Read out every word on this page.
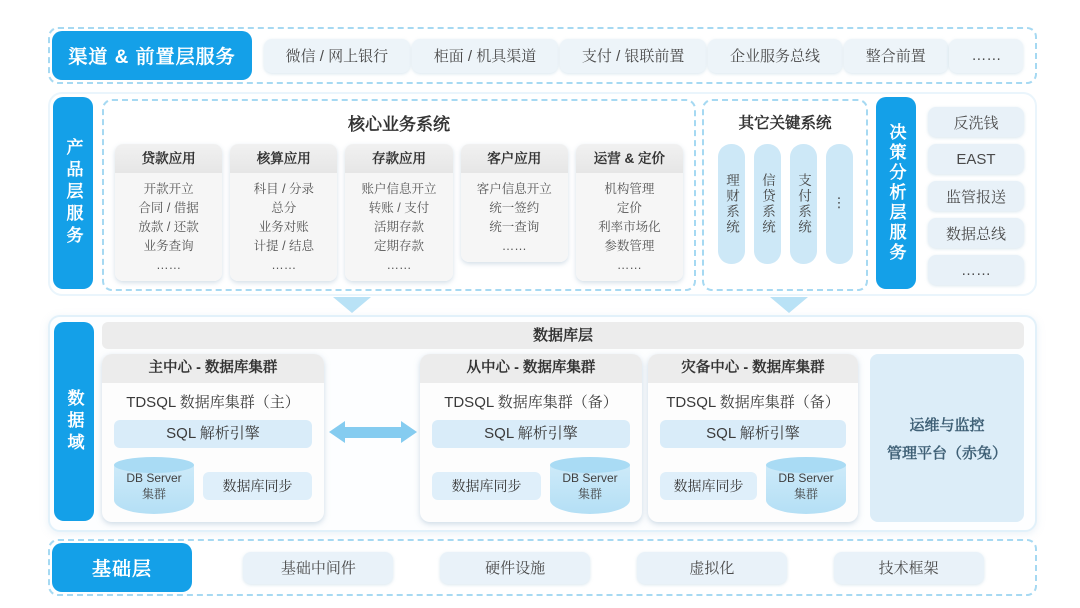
渠道 & 前置层服务	微信 / 网上银行	柜面 / 机具渠道	支付 / 银联前置	企业服务总线	整合前置	……
产品层服务
核心业务系统
贷款应用
开款开立
合同 / 借据
放款 / 还款
业务查询
……
核算应用
科目 / 分录
总分
业务对账
计提 / 结息
……
存款应用
账户信息开立
转账 / 支付
活期存款
定期存款
……
客户应用
客户信息开立
统一签约
统一查询
……
运营 & 定价
机构管理
定价
利率市场化
参数管理
……
其它关键系统
理财系统	信贷系统	支付系统	⋮	决策分析层服务	反洗钱
EAST
监管报送
数据总线
……
数据域
数据库层
主中心 - 数据库集群
TDSQL 数据库集群（主）
SQL 解析引擎
DB Server
集群
数据库同步
从中心 - 数据库集群
TDSQL 数据库集群（备）
SQL 解析引擎
数据库同步	DB Server
集群
灾备中心 - 数据库集群
TDSQL 数据库集群（备）
SQL 解析引擎
数据库同步	DB Server
集群
运维与监控
管理平台（赤兔）
基础层	基础中间件	硬件设施	虚拟化	技术框架
